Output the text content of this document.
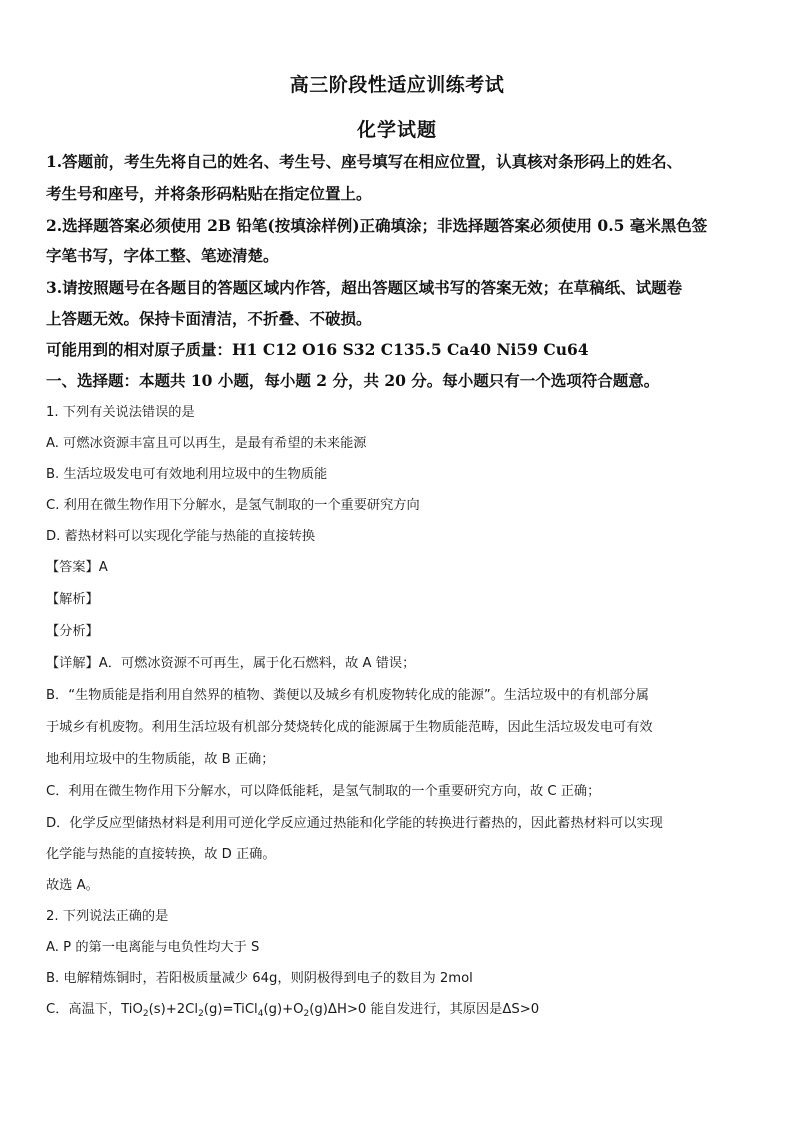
高三阶段性适应训练考试
化学试题
1.答题前，考生先将自己的姓名、考生号、座号填写在相应位置，认真核对条形码上的姓名、
考生号和座号，并将条形码粘贴在指定位置上。
2.选择题答案必须使用 2B 铅笔(按填涂样例)正确填涂；非选择题答案必须使用 0.5 毫米黑色签
字笔书写，字体工整、笔迹清楚。
3.请按照题号在各题目的答题区域内作答，超出答题区域书写的答案无效；在草稿纸、试题卷
上答题无效。保持卡面清洁，不折叠、不破损。
可能用到的相对原子质量：H1 C12 O16 S32 C135.5 Ca40 Ni59 Cu64
一、选择题：本题共 10 小题，每小题 2 分，共 20 分。每小题只有一个选项符合题意。
1. 下列有关说法错误的是
A. 可燃冰资源丰富且可以再生，是最有希望的未来能源
B. 生活垃圾发电可有效地利用垃圾中的生物质能
C. 利用在微生物作用下分解水，是氢气制取的一个重要研究方向
D. 蓄热材料可以实现化学能与热能的直接转换
【答案】A
【解析】
【分析】
【详解】A．可燃冰资源不可再生，属于化石燃料，故 A 错误；
B．“生物质能是指利用自然界的植物、粪便以及城乡有机废物转化成的能源”。生活垃圾中的有机部分属
于城乡有机废物。利用生活垃圾有机部分焚烧转化成的能源属于生物质能范畴，因此生活垃圾发电可有效
地利用垃圾中的生物质能，故 B 正确；
C．利用在微生物作用下分解水，可以降低能耗，是氢气制取的一个重要研究方向，故 C 正确；
D．化学反应型储热材料是利用可逆化学反应通过热能和化学能的转换进行蓄热的，因此蓄热材料可以实现
化学能与热能的直接转换，故 D 正确。
故选 A。
2. 下列说法正确的是
A. P 的第一电离能与电负性均大于 S
B. 电解精炼铜时，若阳极质量减少 64g，则阴极得到电子的数目为 2mol
C．高温下，$TiO_2(s)+2Cl_2(g)=TiCl_4(g)+O_2(g)\Delta H>0$ 能自发进行，其原因是ΔS>0
